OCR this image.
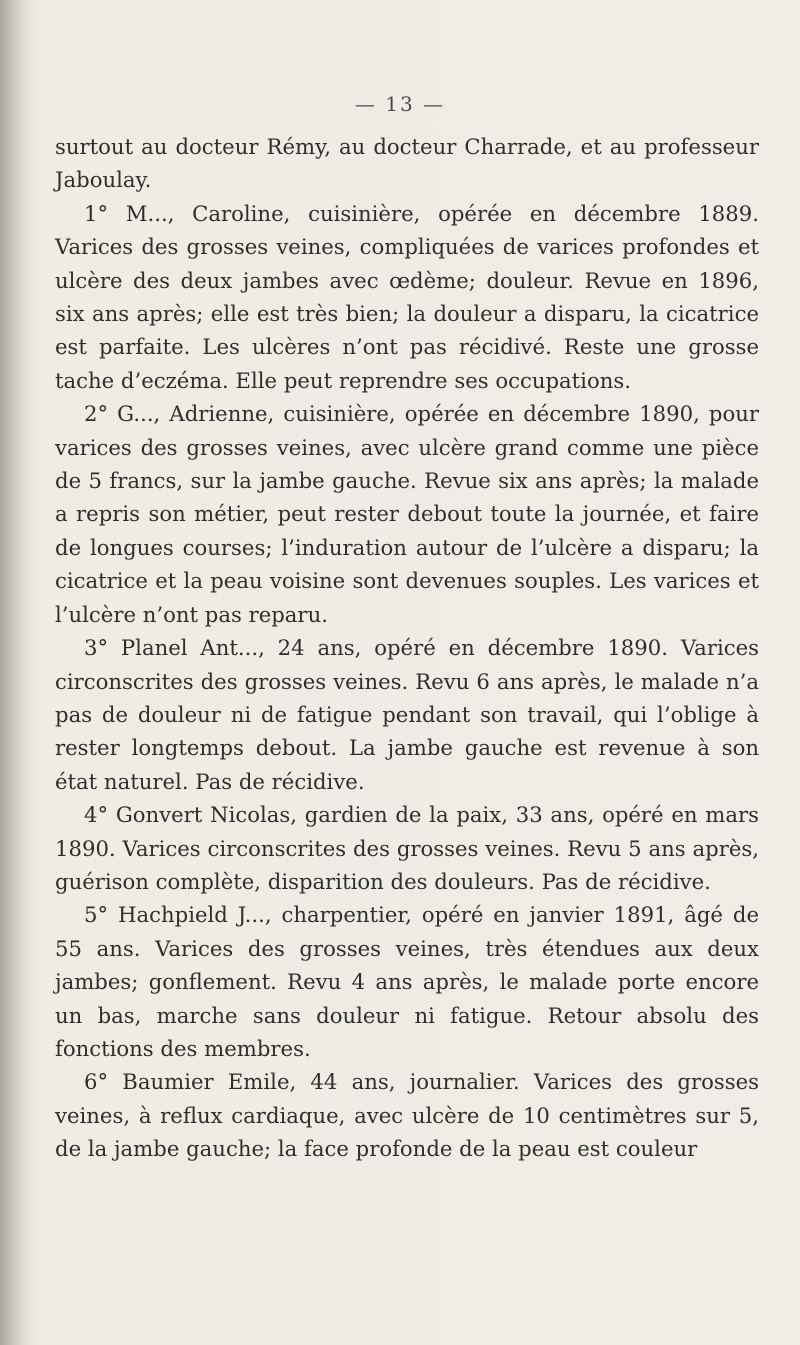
— 13 —

surtout au docteur Rémy, au docteur Charrade, et au professeur Jaboulay.

1° M..., Caroline, cuisinière, opérée en décembre 1889. Varices des grosses veines, compliquées de varices profondes et ulcère des deux jambes avec œdème; douleur. Revue en 1896, six ans après; elle est très bien; la douleur a disparu, la cicatrice est parfaite. Les ulcères n’ont pas récidivé. Reste une grosse tache d’eczéma. Elle peut reprendre ses occupations.

2° G..., Adrienne, cuisinière, opérée en décembre 1890, pour varices des grosses veines, avec ulcère grand comme une pièce de 5 francs, sur la jambe gauche. Revue six ans après; la malade a repris son métier, peut rester debout toute la journée, et faire de longues courses; l’induration autour de l’ulcère a disparu; la cicatrice et la peau voisine sont devenues souples. Les varices et l’ulcère n’ont pas reparu.

3° Planel Ant..., 24 ans, opéré en décembre 1890. Varices circonscrites des grosses veines. Revu 6 ans après, le malade n’a pas de douleur ni de fatigue pendant son travail, qui l’oblige à rester longtemps debout. La jambe gauche est revenue à son état naturel. Pas de récidive.

4° Gonvert Nicolas, gardien de la paix, 33 ans, opéré en mars 1890. Varices circonscrites des grosses veines. Revu 5 ans après, guérison complète, disparition des douleurs. Pas de récidive.

5° Hachpield J..., charpentier, opéré en janvier 1891, âgé de 55 ans. Varices des grosses veines, très étendues aux deux jambes; gonflement. Revu 4 ans après, le malade porte encore un bas, marche sans douleur ni fatigue. Retour absolu des fonctions des membres.

6° Baumier Emile, 44 ans, journalier. Varices des grosses veines, à reflux cardiaque, avec ulcère de 10 centimètres sur 5, de la jambe gauche; la face profonde de la peau est couleur
